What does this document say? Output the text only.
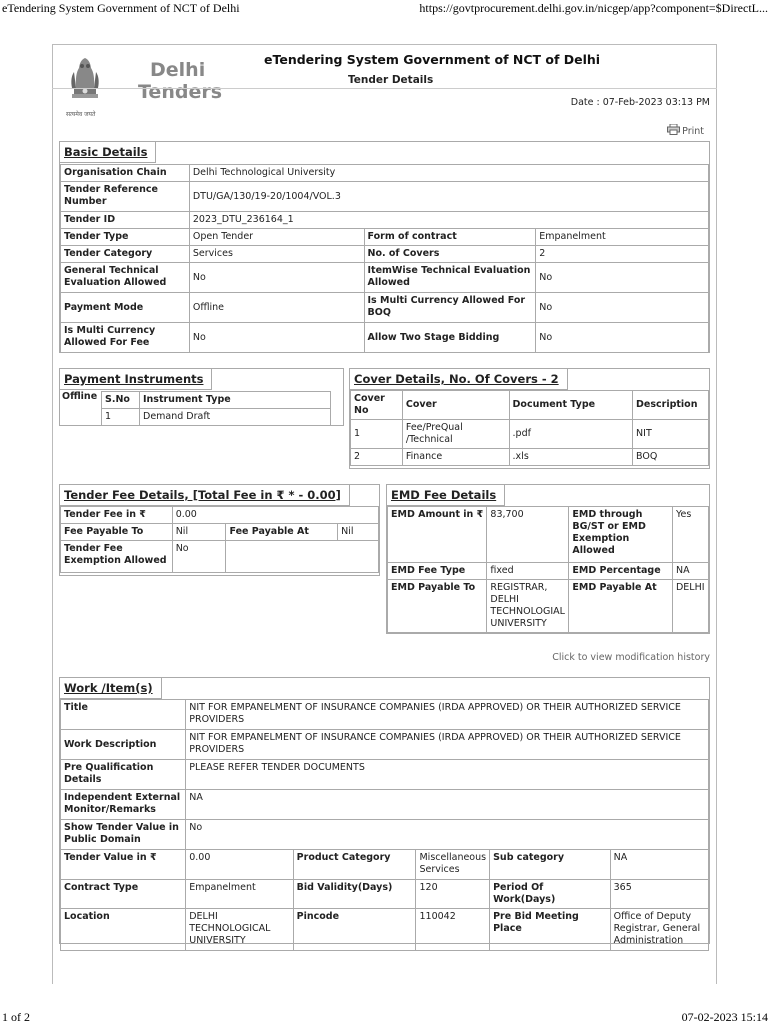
eTendering System Government of NCT of Delhi	https://govtprocurement.delhi.gov.in/nicgep/app?component=$DirectL...
1 of 2	07-02-2023 15:14
सत्यमेव जयते
Delhi
Tenders
eTendering System Government of NCT of Delhi
Tender Details
Date : 07-Feb-2023 03:13 PM
Print
Basic Details
Organisation Chain	Delhi Technological University		
Tender Reference Number	DTU/GA/130/19-20/1004/VOL.3		
Tender ID	2023_DTU_236164_1		
Tender Type	Open Tender	Form of contract	Empanelment
Tender Category	Services	No. of Covers	2
General Technical Evaluation Allowed	No	ItemWise Technical Evaluation Allowed	No
Payment Mode	Offline	Is Multi Currency Allowed For BOQ	No
Is Multi Currency Allowed For Fee	No	Allow Two Stage Bidding	No
Payment Instruments
Offline S.No	Instrument Type
1	Demand Draft
Cover Details, No. Of Covers - 2
Cover No	Cover	Document Type	Description
1	Fee/PreQual /Technical	.pdf	NIT
2	Finance	.xls	BOQ
Tender Fee Details, [Total Fee in ₹ * - 0.00]
Tender Fee in ₹	0.00		
Fee Payable To	Nil	Fee Payable At	Nil
Tender Fee Exemption Allowed	No		
EMD Fee Details
EMD Amount in ₹	83,700	EMD through BG/ST or EMD Exemption Allowed	Yes
EMD Fee Type	fixed	EMD Percentage	NA
EMD Payable To	REGISTRAR, DELHI TECHNOLOGIAL UNIVERSITY	EMD Payable At	DELHI
Click to view modification history
Work /Item(s)
Title	NIT FOR EMPANELMENT OF INSURANCE COMPANIES (IRDA APPROVED) OR THEIR AUTHORIZED SERVICE PROVIDERS				
Work Description	NIT FOR EMPANELMENT OF INSURANCE COMPANIES (IRDA APPROVED) OR THEIR AUTHORIZED SERVICE PROVIDERS				
Pre Qualification Details	PLEASE REFER TENDER DOCUMENTS				
Independent External Monitor/Remarks	NA				
Show Tender Value in Public Domain	No				
Tender Value in ₹	0.00	Product Category	Miscellaneous Services	Sub category	NA
Contract Type	Empanelment	Bid Validity(Days)	120	Period Of Work(Days)	365
Location	DELHI TECHNOLOGICAL UNIVERSITY	Pincode	110042	Pre Bid Meeting Place	Office of Deputy Registrar, General Administration
